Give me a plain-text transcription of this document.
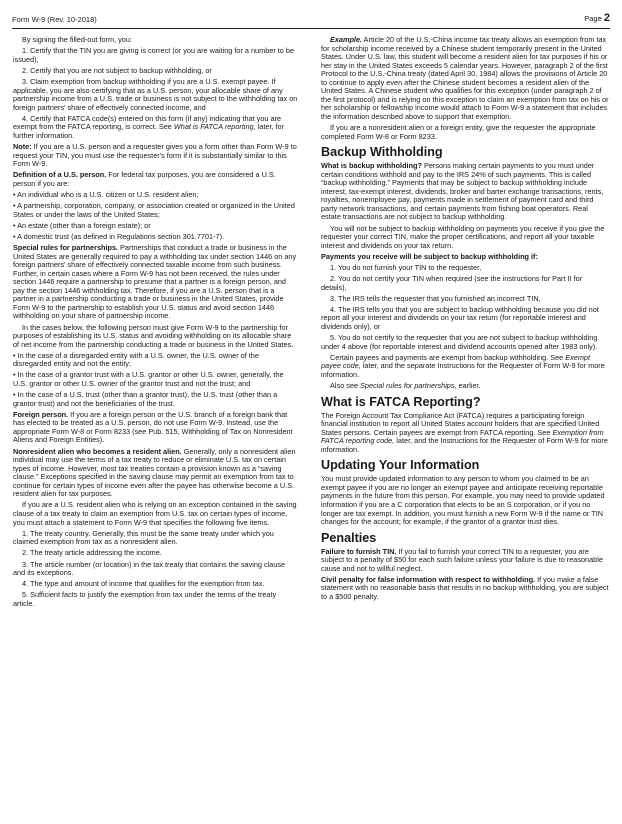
Form W-9 (Rev. 10-2018)	Page 2

By signing the filled-out form, you:

1. Certify that the TIN you are giving is correct (or you are waiting for a number to be issued),

2. Certify that you are not subject to backup withholding, or

3. Claim exemption from backup withholding if you are a U.S. exempt payee. If applicable, you are also certifying that as a U.S. person, your allocable share of any partnership income from a U.S. trade or business is not subject to the withholding tax on foreign partners' share of effectively connected income, and

4. Certify that FATCA code(s) entered on this form (if any) indicating that you are exempt from the FATCA reporting, is correct. See What is FATCA reporting, later, for further information.

Note: If you are a U.S. person and a requester gives you a form other than Form W-9 to request your TIN, you must use the requester's form if it is substantially similar to this Form W-9.

Definition of a U.S. person. For federal tax purposes, you are considered a U.S. person if you are:

• An individual who is a U.S. citizen or U.S. resident alien;

• A partnership, corporation, company, or association created or organized in the United States or under the laws of the United States;

• An estate (other than a foreign estate); or

• A domestic trust (as defined in Regulations section 301.7701-7).

Special rules for partnerships. Partnerships that conduct a trade or business in the United States are generally required to pay a withholding tax under section 1446 on any foreign partners' share of effectively connected taxable income from such business. Further, in certain cases where a Form W-9 has not been received, the rules under section 1446 require a partnership to presume that a partner is a foreign person, and pay the section 1446 withholding tax. Therefore, if you are a U.S. person that is a partner in a partnership conducting a trade or business in the United States, provide Form W-9 to the partnership to establish your U.S. status and avoid section 1446 withholding on your share of partnership income.

In the cases below, the following person must give Form W-9 to the partnership for purposes of establishing its U.S. status and avoiding withholding on its allocable share of net income from the partnership conducting a trade or business in the United States.

• In the case of a disregarded entity with a U.S. owner, the U.S. owner of the disregarded entity and not the entity;

• In the case of a grantor trust with a U.S. grantor or other U.S. owner, generally, the U.S. grantor or other U.S. owner of the grantor trust and not the trust; and

• In the case of a U.S. trust (other than a grantor trust), the U.S. trust (other than a grantor trust) and not the beneficiaries of the trust.

Foreign person. If you are a foreign person or the U.S. branch of a foreign bank that has elected to be treated as a U.S. person, do not use Form W-9. Instead, use the appropriate Form W-8 or Form 8233 (see Pub. 515, Withholding of Tax on Nonresident Aliens and Foreign Entities).

Nonresident alien who becomes a resident alien. Generally, only a nonresident alien individual may use the terms of a tax treaty to reduce or eliminate U.S. tax on certain types of income. However, most tax treaties contain a provision known as a “saving clause.” Exceptions specified in the saving clause may permit an exemption from tax to continue for certain types of income even after the payee has otherwise become a U.S. resident alien for tax purposes.

If you are a U.S. resident alien who is relying on an exception contained in the saving clause of a tax treaty to claim an exemption from U.S. tax on certain types of income, you must attach a statement to Form W-9 that specifies the following five items.

1. The treaty country. Generally, this must be the same treaty under which you claimed exemption from tax as a nonresident alien.

2. The treaty article addressing the income.

3. The article number (or location) in the tax treaty that contains the saving clause and its exceptions.

4. The type and amount of income that qualifies for the exemption from tax.

5. Sufficient facts to justify the exemption from tax under the terms of the treaty article.

Example. Article 20 of the U.S.-China income tax treaty allows an exemption from tax for scholarship income received by a Chinese student temporarily present in the United States. Under U.S. law, this student will become a resident alien for tax purposes if his or her stay in the United States exceeds 5 calendar years. However, paragraph 2 of the first Protocol to the U.S.-China treaty (dated April 30, 1984) allows the provisions of Article 20 to continue to apply even after the Chinese student becomes a resident alien of the United States. A Chinese student who qualifies for this exception (under paragraph 2 of the first protocol) and is relying on this exception to claim an exemption from tax on his or her scholarship or fellowship income would attach to Form W-9 a statement that includes the information described above to support that exemption.

If you are a nonresident alien or a foreign entity, give the requester the appropriate completed Form W-8 or Form 8233.

Backup Withholding

What is backup withholding? Persons making certain payments to you must under certain conditions withhold and pay to the IRS 24% of such payments. This is called “backup withholding.” Payments that may be subject to backup withholding include interest, tax-exempt interest, dividends, broker and barter exchange transactions, rents, royalties, nonemployee pay, payments made in settlement of payment card and third party network transactions, and certain payments from fishing boat operators. Real estate transactions are not subject to backup withholding.

You will not be subject to backup withholding on payments you receive if you give the requester your correct TIN, make the proper certifications, and report all your taxable interest and dividends on your tax return.

Payments you receive will be subject to backup withholding if:

1. You do not furnish your TIN to the requester,

2. You do not certify your TIN when required (see the instructions for Part II for details),

3. The IRS tells the requester that you furnished an incorrect TIN,

4. The IRS tells you that you are subject to backup withholding because you did not report all your interest and dividends on your tax return (for reportable interest and dividends only), or

5. You do not certify to the requester that you are not subject to backup withholding under 4 above (for reportable interest and dividend accounts opened after 1983 only).

Certain payees and payments are exempt from backup withholding. See Exempt payee code, later, and the separate Instructions for the Requester of Form W-9 for more information.

Also see Special rules for partnerships, earlier.

What is FATCA Reporting?

The Foreign Account Tax Compliance Act (FATCA) requires a participating foreign financial institution to report all United States account holders that are specified United States persons. Certain payees are exempt from FATCA reporting. See Exemption from FATCA reporting code, later, and the Instructions for the Requester of Form W-9 for more information.

Updating Your Information

You must provide updated information to any person to whom you claimed to be an exempt payee if you are no longer an exempt payee and anticipate receiving reportable payments in the future from this person. For example, you may need to provide updated information if you are a C corporation that elects to be an S corporation, or if you no longer are tax exempt. In addition, you must furnish a new Form W-9 if the name or TIN changes for the account; for example, if the grantor of a grantor trust dies.

Penalties

Failure to furnish TIN. If you fail to furnish your correct TIN to a requester, you are subject to a penalty of $50 for each such failure unless your failure is due to reasonable cause and not to willful neglect.

Civil penalty for false information with respect to withholding. If you make a false statement with no reasonable basis that results in no backup withholding, you are subject to a $500 penalty.
